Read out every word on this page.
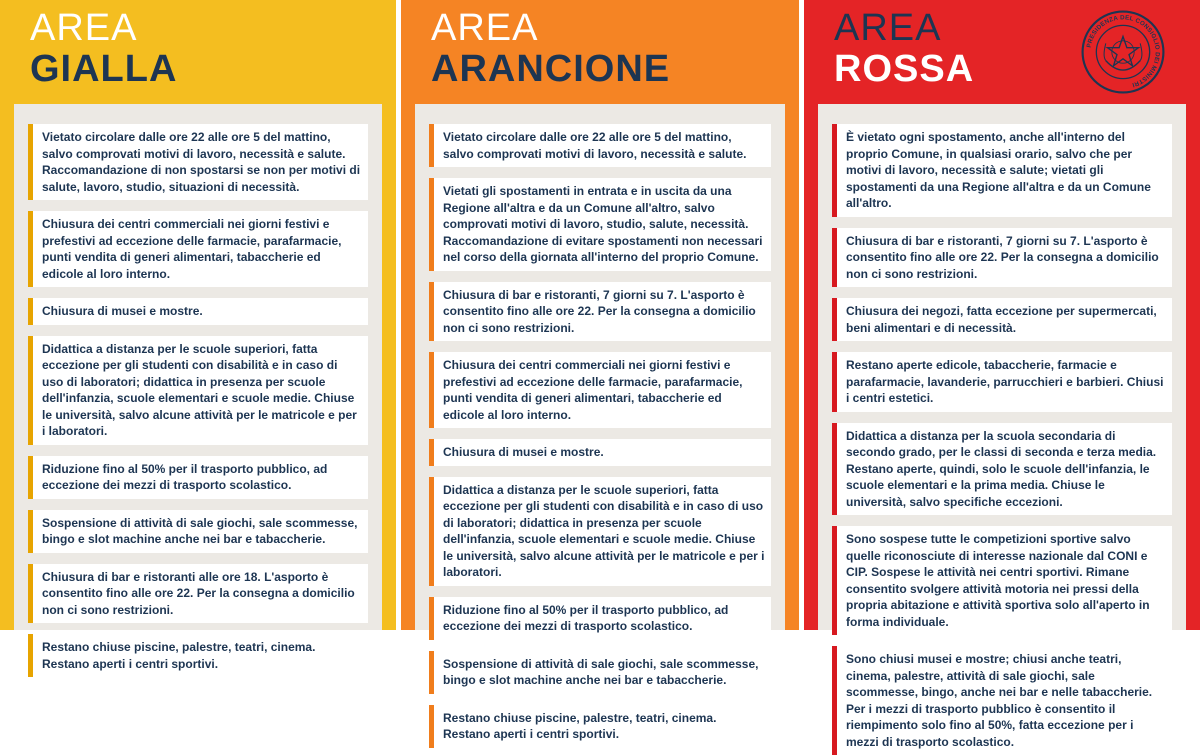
AREA
GIALLA
Vietato circolare dalle ore 22 alle ore 5 del mattino, salvo comprovati motivi di lavoro, necessità e salute. Raccomandazione di non spostarsi se non per motivi di salute, lavoro, studio, situazioni di necessità.
Chiusura dei centri commerciali nei giorni festivi e prefestivi ad eccezione delle farmacie, parafarmacie, punti vendita di generi alimentari, tabaccherie ed edicole al loro interno.
Chiusura di musei e mostre.
Didattica a distanza per le scuole superiori, fatta eccezione per gli studenti con disabilità e in caso di uso di laboratori; didattica in presenza per scuole dell'infanzia, scuole elementari e scuole medie. Chiuse le università, salvo alcune attività per le matricole e per i laboratori.
Riduzione fino al 50% per il trasporto pubblico, ad eccezione dei mezzi di trasporto scolastico.
Sospensione di attività di sale giochi, sale scommesse, bingo e slot machine anche nei bar e tabaccherie.
Chiusura di bar e ristoranti alle ore 18. L'asporto è consentito fino alle ore 22. Per la consegna a domicilio non ci sono restrizioni.
Restano chiuse piscine, palestre, teatri, cinema. Restano aperti i centri sportivi.
AREA
ARANCIONE
Vietato circolare dalle ore 22 alle ore 5 del mattino, salvo comprovati motivi di lavoro, necessità e salute.
Vietati gli spostamenti in entrata e in uscita da una Regione all'altra e da un Comune all'altro, salvo comprovati motivi di lavoro, studio, salute, necessità. Raccomandazione di evitare spostamenti non necessari nel corso della giornata all'interno del proprio Comune.
Chiusura di bar e ristoranti, 7 giorni su 7. L'asporto è consentito fino alle ore 22. Per la consegna a domicilio non ci sono restrizioni.
Chiusura dei centri commerciali nei giorni festivi e prefestivi ad eccezione delle farmacie, parafarmacie, punti vendita di generi alimentari, tabaccherie ed edicole al loro interno.
Chiusura di musei e mostre.
Didattica a distanza per le scuole superiori, fatta eccezione per gli studenti con disabilità e in caso di uso di laboratori; didattica in presenza per scuole dell'infanzia, scuole elementari e scuole medie. Chiuse le università, salvo alcune attività per le matricole e per i laboratori.
Riduzione fino al 50% per il trasporto pubblico, ad eccezione dei mezzi di trasporto scolastico.
Sospensione di attività di sale giochi, sale scommesse, bingo e slot machine anche nei bar e tabaccherie.
Restano chiuse piscine, palestre, teatri, cinema. Restano aperti i centri sportivi.
AREA
ROSSA
PRESIDENZA DEL CONSIGLIO DEI MINISTRI
È vietato ogni spostamento, anche all'interno del proprio Comune, in qualsiasi orario, salvo che per motivi di lavoro, necessità e salute; vietati gli spostamenti da una Regione all'altra e da un Comune all'altro.
Chiusura di bar e ristoranti, 7 giorni su 7. L'asporto è consentito fino alle ore 22. Per la consegna a domicilio non ci sono restrizioni.
Chiusura dei negozi, fatta eccezione per supermercati, beni alimentari e di necessità.
Restano aperte edicole, tabaccherie, farmacie e parafarmacie, lavanderie, parrucchieri e barbieri. Chiusi i centri estetici.
Didattica a distanza per la scuola secondaria di secondo grado, per le classi di seconda e terza media. Restano aperte, quindi, solo le scuole dell'infanzia, le scuole elementari e la prima media. Chiuse le università, salvo specifiche eccezioni.
Sono sospese tutte le competizioni sportive salvo quelle riconosciute di interesse nazionale dal CONI e CIP. Sospese le attività nei centri sportivi. Rimane consentito svolgere attività motoria nei pressi della propria abitazione e attività sportiva solo all'aperto in forma individuale.
Sono chiusi musei e mostre; chiusi anche teatri, cinema, palestre, attività di sale giochi, sale scommesse, bingo, anche nei bar e nelle tabaccherie. Per i mezzi di trasporto pubblico è consentito il riempimento solo fino al 50%, fatta eccezione per i mezzi di trasporto scolastico.
